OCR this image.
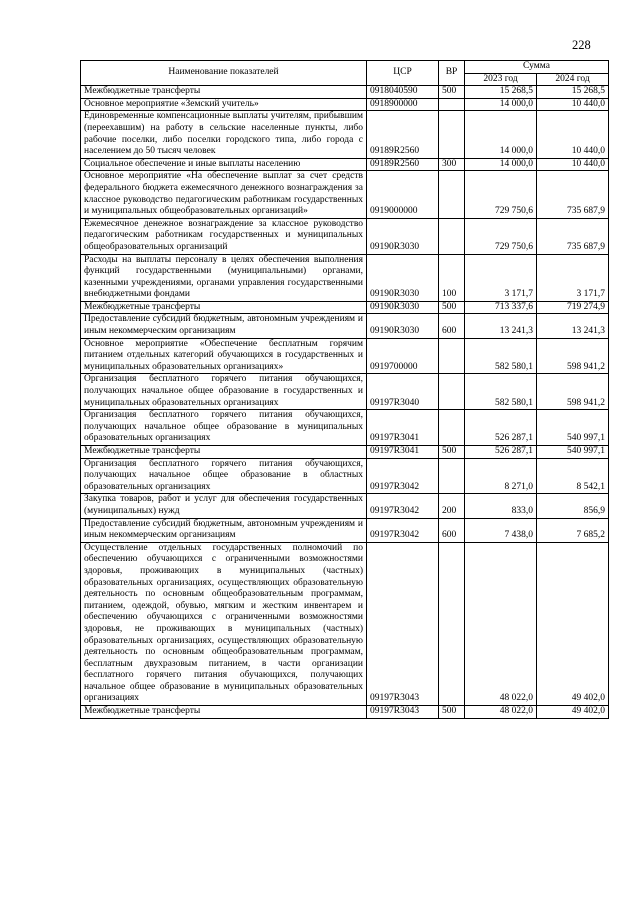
228
Наименование показателей	ЦСР	ВР	Сумма	
			2023 год	2024 год
Межбюджетные трансферты	0918040590	500	15 268,5	15 268,5
Основное мероприятие «Земский учитель»	0918900000		14 000,0	10 440,0
Единовременные компенсационные выплаты учителям, прибывшим (переехавшим) на работу в сельские населенные пункты, либо рабочие поселки, либо поселки городского типа, либо города с населением до 50 тысяч человек	09189R2560		14 000,0	10 440,0
Социальное обеспечение и иные выплаты населению	09189R2560	300	14 000,0	10 440,0
Основное мероприятие «На обеспечение выплат за счет средств федерального бюджета ежемесячного денежного вознаграждения за классное руководство педагогическим работникам государственных и муниципальных общеобразовательных организаций»	0919000000		729 750,6	735 687,9
Ежемесячное денежное вознаграждение за классное руководство педагогическим работникам государственных и муниципальных общеобразовательных организаций	09190R3030		729 750,6	735 687,9
Расходы на выплаты персоналу в целях обеспечения выполнения функций государственными (муниципальными) органами, казенными учреждениями, органами управления государственными внебюджетными фондами	09190R3030	100	3 171,7	3 171,7
Межбюджетные трансферты	09190R3030	500	713 337,6	719 274,9
Предоставление субсидий бюджетным, автономным учреждениям и иным некоммерческим организациям	09190R3030	600	13 241,3	13 241,3
Основное мероприятие «Обеспечение бесплатным горячим питанием отдельных категорий обучающихся в государственных и муниципальных образовательных организациях»	0919700000		582 580,1	598 941,2
Организация бесплатного горячего питания обучающихся, получающих начальное общее образование в государственных и муниципальных образовательных организациях	09197R3040		582 580,1	598 941,2
Организация бесплатного горячего питания обучающихся, получающих начальное общее образование в муниципальных образовательных организациях	09197R3041		526 287,1	540 997,1
Межбюджетные трансферты	09197R3041	500	526 287,1	540 997,1
Организация бесплатного горячего питания обучающихся, получающих начальное общее образование в областных образовательных организациях	09197R3042		8 271,0	8 542,1
Закупка товаров, работ и услуг для обеспечения государственных (муниципальных) нужд	09197R3042	200	833,0	856,9
Предоставление субсидий бюджетным, автономным учреждениям и иным некоммерческим организациям	09197R3042	600	7 438,0	7 685,2
Осуществление отдельных государственных полномочий по обеспечению обучающихся с ограниченными возможностями здоровья, проживающих в муниципальных (частных) образовательных организациях, осуществляющих образовательную деятельность по основным общеобразовательным программам, питанием, одеждой, обувью, мягким и жестким инвентарем и обеспечению обучающихся с ограниченными возможностями здоровья, не проживающих в муниципальных (частных) образовательных организациях, осуществляющих образовательную деятельность по основным общеобразовательным программам, бесплатным двухразовым питанием, в части организации бесплатного горячего питания обучающихся, получающих начальное общее образование в муниципальных образовательных организациях	09197R3043		48 022,0	49 402,0
Межбюджетные трансферты	09197R3043	500	48 022,0	49 402,0
